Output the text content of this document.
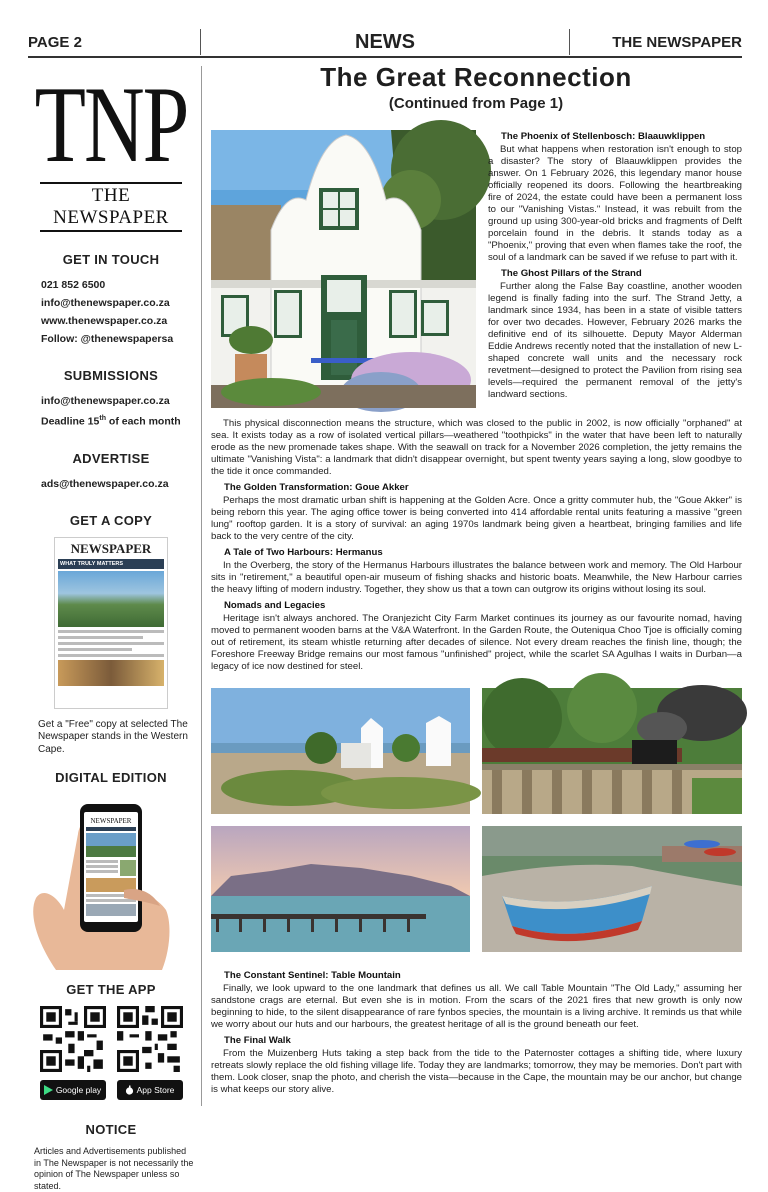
PAGE 2	NEWS	THE NEWSPAPER
TNP
THE NEWSPAPER
GET IN TOUCH
021 852 6500
info@thenewspaper.co.za
www.thenewspaper.co.za
Follow: @thenewspapersa
SUBMISSIONS
info@thenewspaper.co.za
Deadline 15th of each month
ADVERTISE
ads@thenewspaper.co.za
GET A COPY
NEWSPAPER
WHAT TRULY MATTERS
Get a "Free" copy at selected The Newspaper stands in the Western Cape.
DIGITAL EDITION
NEWSPAPER
GET THE APP
Google play	App Store
NOTICE
Articles and Advertisements published in The Newspaper is not necessarily the opinion of The Newspaper unless so stated.
The Great Reconnection
(Continued from Page 1)
The Phoenix of Stellenbosch: Blaauwklippen

But what happens when restoration isn't enough to stop a disaster? The story of Blaauwklippen provides the answer. On 1 February 2026, this legendary manor house officially reopened its doors. Following the heartbreaking fire of 2024, the estate could have been a permanent loss to our "Vanishing Vistas." Instead, it was rebuilt from the ground up using 300-year-old bricks and fragments of Delft porcelain found in the debris. It stands today as a "Phoenix," proving that even when flames take the roof, the soul of a landmark can be saved if we refuse to part with it.

The Ghost Pillars of the Strand

Further along the False Bay coastline, another wooden legend is finally fading into the surf. The Strand Jetty, a landmark since 1934, has been in a state of visible tatters for over two decades. However, February 2026 marks the definitive end of its silhouette. Deputy Mayor Alderman Eddie Andrews recently noted that the installation of new L-shaped concrete wall units and the necessary rock revetment—designed to protect the Pavilion from rising sea levels—required the permanent removal of the jetty's landward sections.

This physical disconnection means the structure, which was closed to the public in 2002, is now officially "orphaned" at sea. It exists today as a row of isolated vertical pillars—weathered "toothpicks" in the water that have been left to naturally erode as the new promenade takes shape. With the seawall on track for a November 2026 completion, the jetty remains the ultimate "Vanishing Vista": a landmark that didn't disappear overnight, but spent twenty years saying a long, slow goodbye to the tide it once commanded.

The Golden Transformation: Goue Akker

Perhaps the most dramatic urban shift is happening at the Golden Acre. Once a gritty commuter hub, the "Goue Akker" is being reborn this year. The aging office tower is being converted into 414 affordable rental units featuring a massive "green lung" rooftop garden. It is a story of survival: an aging 1970s landmark being given a heartbeat, bringing families and life back to the very centre of the city.

A Tale of Two Harbours: Hermanus

In the Overberg, the story of the Hermanus Harbours illustrates the balance between work and memory. The Old Harbour sits in "retirement," a beautiful open-air museum of fishing shacks and historic boats. Meanwhile, the New Harbour carries the heavy lifting of modern industry. Together, they show us that a town can outgrow its origins without losing its soul.

Nomads and Legacies

Heritage isn't always anchored. The Oranjezicht City Farm Market continues its journey as our favourite nomad, having moved to permanent wooden barns at the V&A Waterfront. In the Garden Route, the Outeniqua Choo Tjoe is officially coming out of retirement, its steam whistle returning after decades of silence. Not every dream reaches the finish line, though; the Foreshore Freeway Bridge remains our most famous "unfinished" project, while the scarlet SA Agulhas I waits in Durban—a legacy of ice now destined for steel.

The Constant Sentinel: Table Mountain

Finally, we look upward to the one landmark that defines us all. We call Table Mountain "The Old Lady," assuming her sandstone crags are eternal. But even she is in motion. From the scars of the 2021 fires that new growth is only now beginning to hide, to the silent disappearance of rare fynbos species, the mountain is a living archive. It reminds us that while we worry about our huts and our harbours, the greatest heritage of all is the ground beneath our feet.

The Final Walk

From the Muizenberg Huts taking a step back from the tide to the Paternoster cottages a shifting tide, where luxury retreats slowly replace the old fishing village life. Today they are landmarks; tomorrow, they may be memories. Don't part with them. Look closer, snap the photo, and cherish the vista—because in the Cape, the mountain may be our anchor, but change is what keeps our story alive.
